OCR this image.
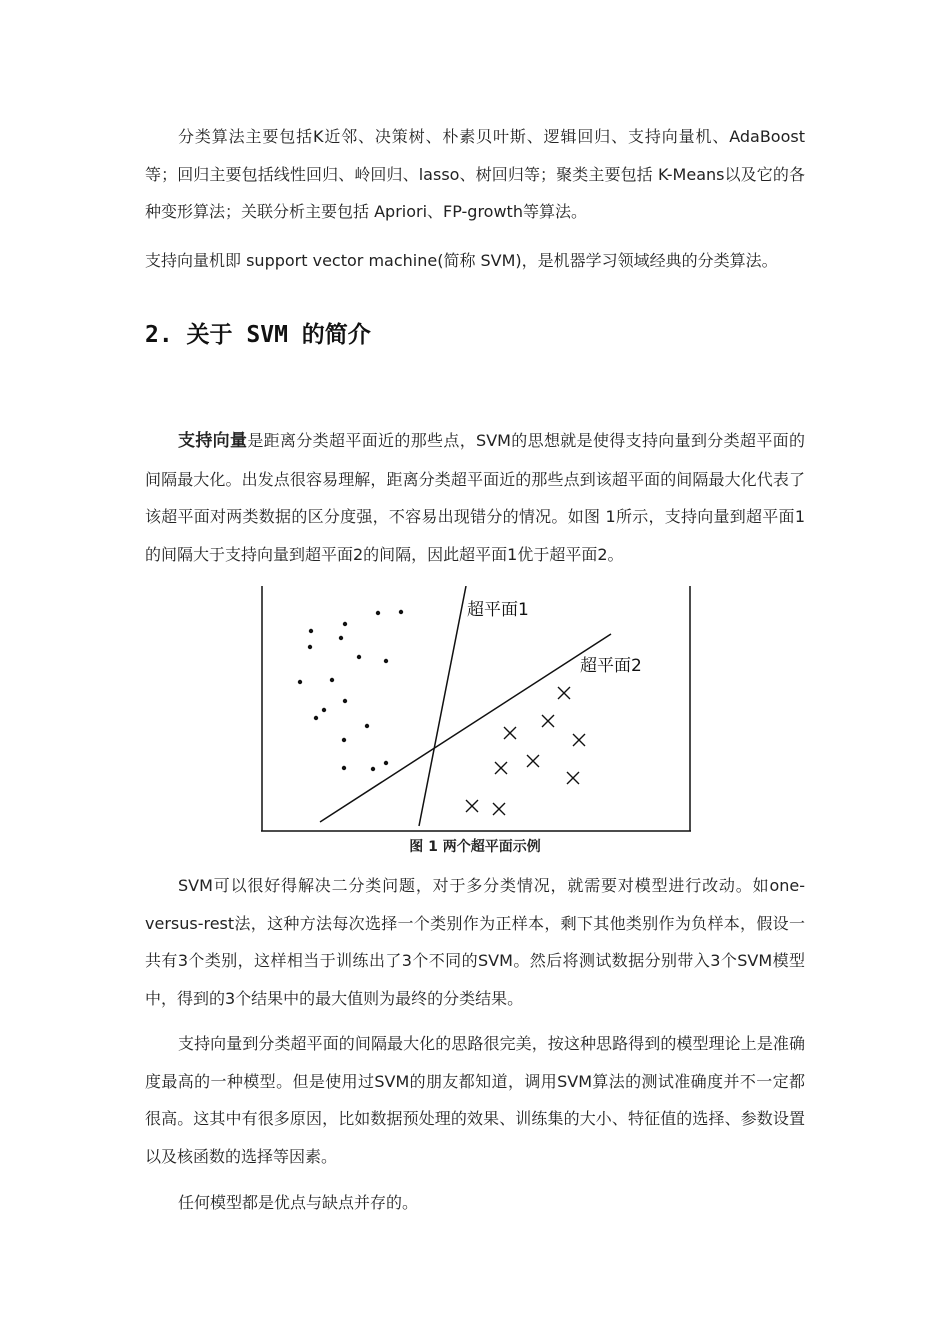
分类算法主要包括K近邻、决策树、朴素贝叶斯、逻辑回归、支持向量机、AdaBoost等；回归主要包括线性回归、岭回归、lasso、树回归等；聚类主要包括 K-Means以及它的各种变形算法；关联分析主要包括 Apriori、FP-growth等算法。

支持向量机即 support vector machine(简称 SVM)，是机器学习领域经典的分类算法。

2. 关于 SVM 的简介

支持向量是距离分类超平面近的那些点，SVM的思想就是使得支持向量到分类超平面的间隔最大化。出发点很容易理解，距离分类超平面近的那些点到该超平面的间隔最大化代表了该超平面对两类数据的区分度强，不容易出现错分的情况。如图 1所示，支持向量到超平面1的间隔大于支持向量到超平面2的间隔，因此超平面1优于超平面2。

超平面1
超平面2

图 1 两个超平面示例

SVM可以很好得解决二分类问题，对于多分类情况，就需要对模型进行改动。如one-versus-rest法，这种方法每次选择一个类别作为正样本，剩下其他类别作为负样本，假设一共有3个类别，这样相当于训练出了3个不同的SVM。然后将测试数据分别带入3个SVM模型中，得到的3个结果中的最大值则为最终的分类结果。

支持向量到分类超平面的间隔最大化的思路很完美，按这种思路得到的模型理论上是准确度最高的一种模型。但是使用过SVM的朋友都知道，调用SVM算法的测试准确度并不一定都很高。这其中有很多原因，比如数据预处理的效果、训练集的大小、特征值的选择、参数设置以及核函数的选择等因素。

任何模型都是优点与缺点并存的。
